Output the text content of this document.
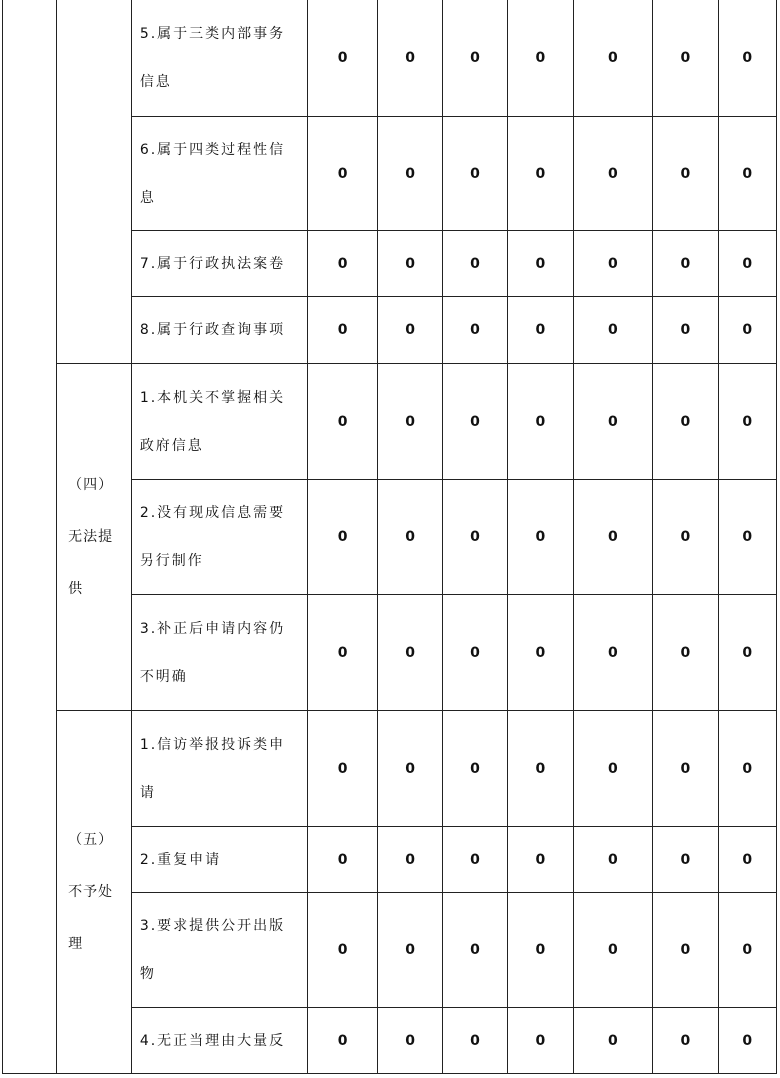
		5.属于三类内部事务信息	0	0	0	0	0	0	0
		6.属于四类过程性信息	0	0	0	0	0	0	0
		7.属于行政执法案卷	0	0	0	0	0	0	0
		8.属于行政查询事项	0	0	0	0	0	0	0
	（四）无法提供	1.本机关不掌握相关政府信息	0	0	0	0	0	0	0
		2.没有现成信息需要另行制作	0	0	0	0	0	0	0
		3.补正后申请内容仍不明确	0	0	0	0	0	0	0
	（五）不予处理	1.信访举报投诉类申请	0	0	0	0	0	0	0
		2.重复申请	0	0	0	0	0	0	0
		3.要求提供公开出版物	0	0	0	0	0	0	0
		4.无正当理由大量反	0	0	0	0	0	0	0
